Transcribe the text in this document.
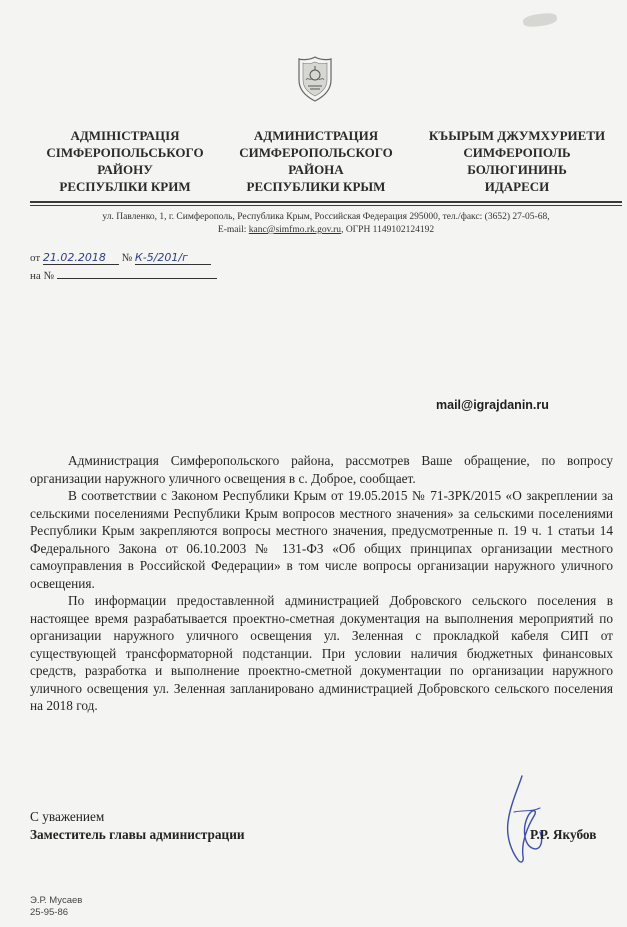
АДМІНІСТРАЦІЯ
СІМФЕРОПОЛЬСЬКОГО
РАЙОНУ
РЕСПУБЛІКИ КРИМ
АДМИНИСТРАЦИЯ
СИМФЕРОПОЛЬСКОГО
РАЙОНА
РЕСПУБЛИКИ КРЫМ
КЪЫРЫМ ДЖУМХУРИЕТИ
СИМФЕРОПОЛЬ
БОЛЮГИНИНЬ
ИДАРЕСИ
ул. Павленко, 1, г. Симферополь, Республика Крым, Российская Федерация 295000, тел./факс: (3652) 27-05-68,
E-mail: kanc@simfmo.rk.gov.ru, ОГРН 1149102124192
от 21.02.2018 № К-5/201/г
на №
mail@igrajdanin.ru

Администрация Симферопольского района, рассмотрев Ваше обращение, по вопросу организации наружного уличного освещения в с. Доброе, сообщает.

В соответствии с Законом Республики Крым от 19.05.2015 № 71-ЗРК/2015 «О закреплении за сельскими поселениями Республики Крым вопросов местного значения» за сельскими поселениями Республики Крым закрепляются вопросы местного значения, предусмотренные п. 19 ч. 1 статьи 14 Федерального Закона от 06.10.2003 № 131-ФЗ «Об общих принципах организации местного самоуправления в Российской Федерации» в том числе вопросы организации наружного уличного освещения.

По информации предоставленной администрацией Добровского сельского поселения в настоящее время разрабатывается проектно-сметная документация на выполнения мероприятий по организации наружного уличного освещения ул. Зеленная с прокладкой кабеля СИП от существующей трансформаторной подстанции. При условии наличия бюджетных финансовых средств, разработка и выполнение проектно-сметной документации по организации наружного уличного освещения ул. Зеленная запланировано администрацией Добровского сельского поселения на 2018 год.

С уважением
Заместитель главы администрации	Р.Р. Якубов
Э.Р. Мусаев
25-95-86
